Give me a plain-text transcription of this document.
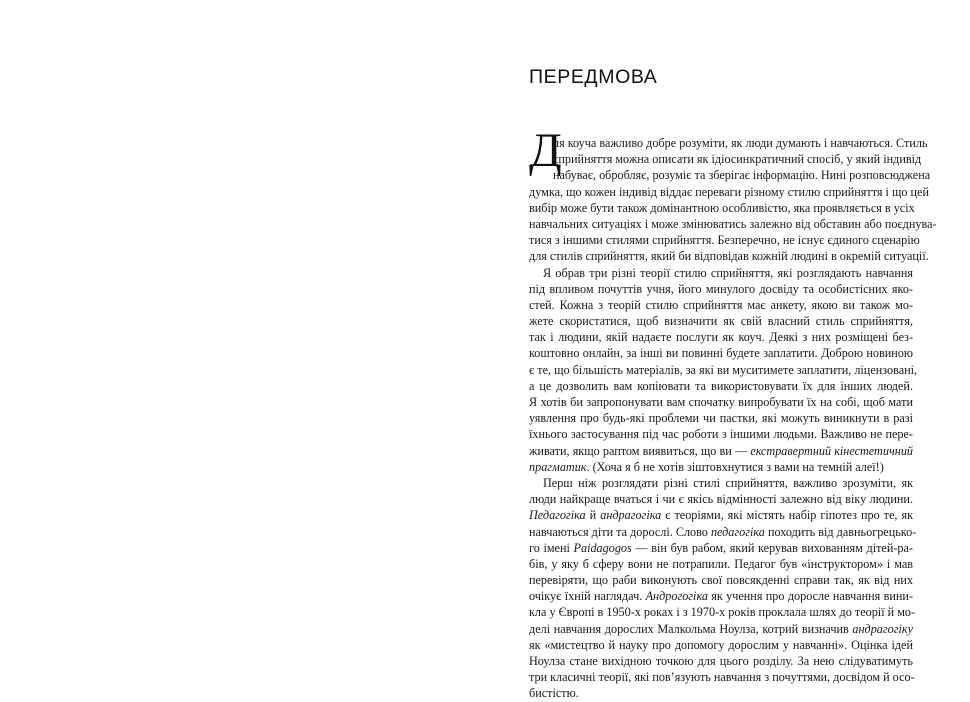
ПЕРЕДМОВА
Д
ля коуча важливо добре розуміти, як люди думають і навчаються. Стиль
сприйняття можна описати як ідіосинкратичний спосіб, у який індивід
набуває, обробляє, розуміє та зберігає інформацію. Нині розповсюджена
думка, що кожен індивід віддає переваги різному стилю сприйняття і що цей
вибір може бути також домінантною особливістю, яка проявляється в усіх
навчальних ситуаціях і може змінюватись залежно від обставин або поєднува-
тися з іншими стилями сприйняття. Безперечно, не існує єдиного сценарію
для стилів сприйняття, який би відповідав кожній людині в окремій ситуації.
Я обрав три різні теорії стилю сприйняття, які розглядають навчання
під впливом почуттів учня, його минулого досвіду та особистісних яко-
стей. Кожна з теорій стилю сприйняття має анкету, якою ви також мо-
жете скористатися, щоб визначити як свій власний стиль сприйняття,
так і людини, якій надаєте послуги як коуч. Деякі з них розміщені без-
коштовно онлайн, за інші ви повинні будете заплатити. Доброю новиною
є те, що більшість матеріалів, за які ви муситимете заплатити, ліцензовані,
а це дозволить вам копіювати та використовувати їх для інших людей.
Я хотів би запропонувати вам спочатку випробувати їх на собі, щоб мати
уявлення про будь-які проблеми чи пастки, які можуть виникнути в разі
їхнього застосування під час роботи з іншими людьми. Важливо не пере-
живати, якщо раптом виявиться, що ви — екстравертний кінестетичний
прагматик. (Хоча я б не хотів зіштовхнутися з вами на темній алеї!)
Перш ніж розглядати різні стилі сприйняття, важливо зрозуміти, як
люди найкраще вчаться і чи є якісь відмінності залежно від віку людини.
Педагогіка й андрагогіка є теоріями, які містять набір гіпотез про те, як
навчаються діти та дорослі. Слово педагогіка походить від давньогрецько-
го імені Paidagogos — він був рабом, який керував вихованням дітей-ра-
бів, у яку б сферу вони не потрапили. Педагог був «інструктором» і мав
перевіряти, що раби виконують свої повсякденні справи так, як від них
очікує їхній наглядач. Андрогогіка як учення про доросле навчання вини-
кла у Європі в 1950-х роках і з 1970-х років проклала шлях до теорії й мо-
делі навчання дорослих Малкольма Ноулза, котрий визначив андрагогіку
як «мистецтво й науку про допомогу дорослим у навчанні». Оцінка ідей
Ноулза стане вихідною точкою для цього розділу. За нею слідуватимуть
три класичні теорії, які пов’язують навчання з почуттями, досвідом й осо-
бистістю.
